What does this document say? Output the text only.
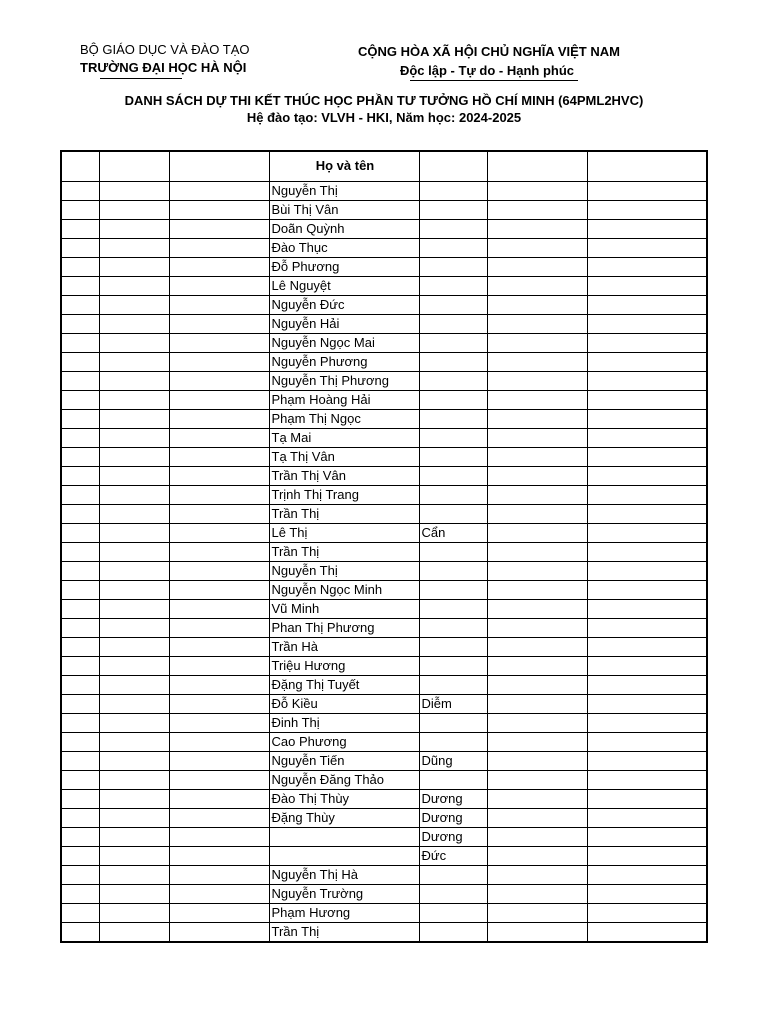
BỘ GIÁO DỤC VÀ ĐÀO TẠO
TRƯỜNG ĐẠI HỌC HÀ NỘI
CỘNG HÒA XÃ HỘI CHỦ NGHĨA VIỆT NAM
Độc lập - Tự do - Hạnh phúc
DANH SÁCH DỰ THI KẾT THÚC HỌC PHẦN TƯ TƯỞNG HỒ CHÍ MINH (64PML2HVC)
Hệ đào tạo: VLVH - HKI, Năm học: 2024-2025
			Họ và tên			
			Nguyễn Thị			
			Bùi Thị Vân			
			Doãn Quỳnh			
			Đào Thục			
			Đỗ Phương			
			Lê Nguyệt			
			Nguyễn Đức			
			Nguyễn Hải			
			Nguyễn Ngọc Mai			
			Nguyễn Phương			
			Nguyễn Thị Phương			
			Phạm Hoàng Hải			
			Phạm Thị Ngọc			
			Tạ Mai			
			Tạ Thị Vân			
			Trần Thị Vân			
			Trịnh Thị Trang			
			Trần Thị			
			Lê Thị	Cẩn		
			Trần Thị			
			Nguyễn Thị			
			Nguyễn Ngọc Minh			
			Vũ Minh			
			Phan Thị Phương			
			Trần Hà			
			Triệu Hương			
			Đặng Thị Tuyết			
			Đỗ Kiều	Diễm		
			Đinh Thị			
			Cao Phương			
			Nguyễn Tiến	Dũng		
			Nguyễn Đăng Thảo			
			Đào Thị Thùy	Dương		
			Đặng Thùy	Dương		
				Dương		
				Đức		
			Nguyễn Thị Hà			
			Nguyễn Trường			
			Phạm Hương			
			Trần Thị			
